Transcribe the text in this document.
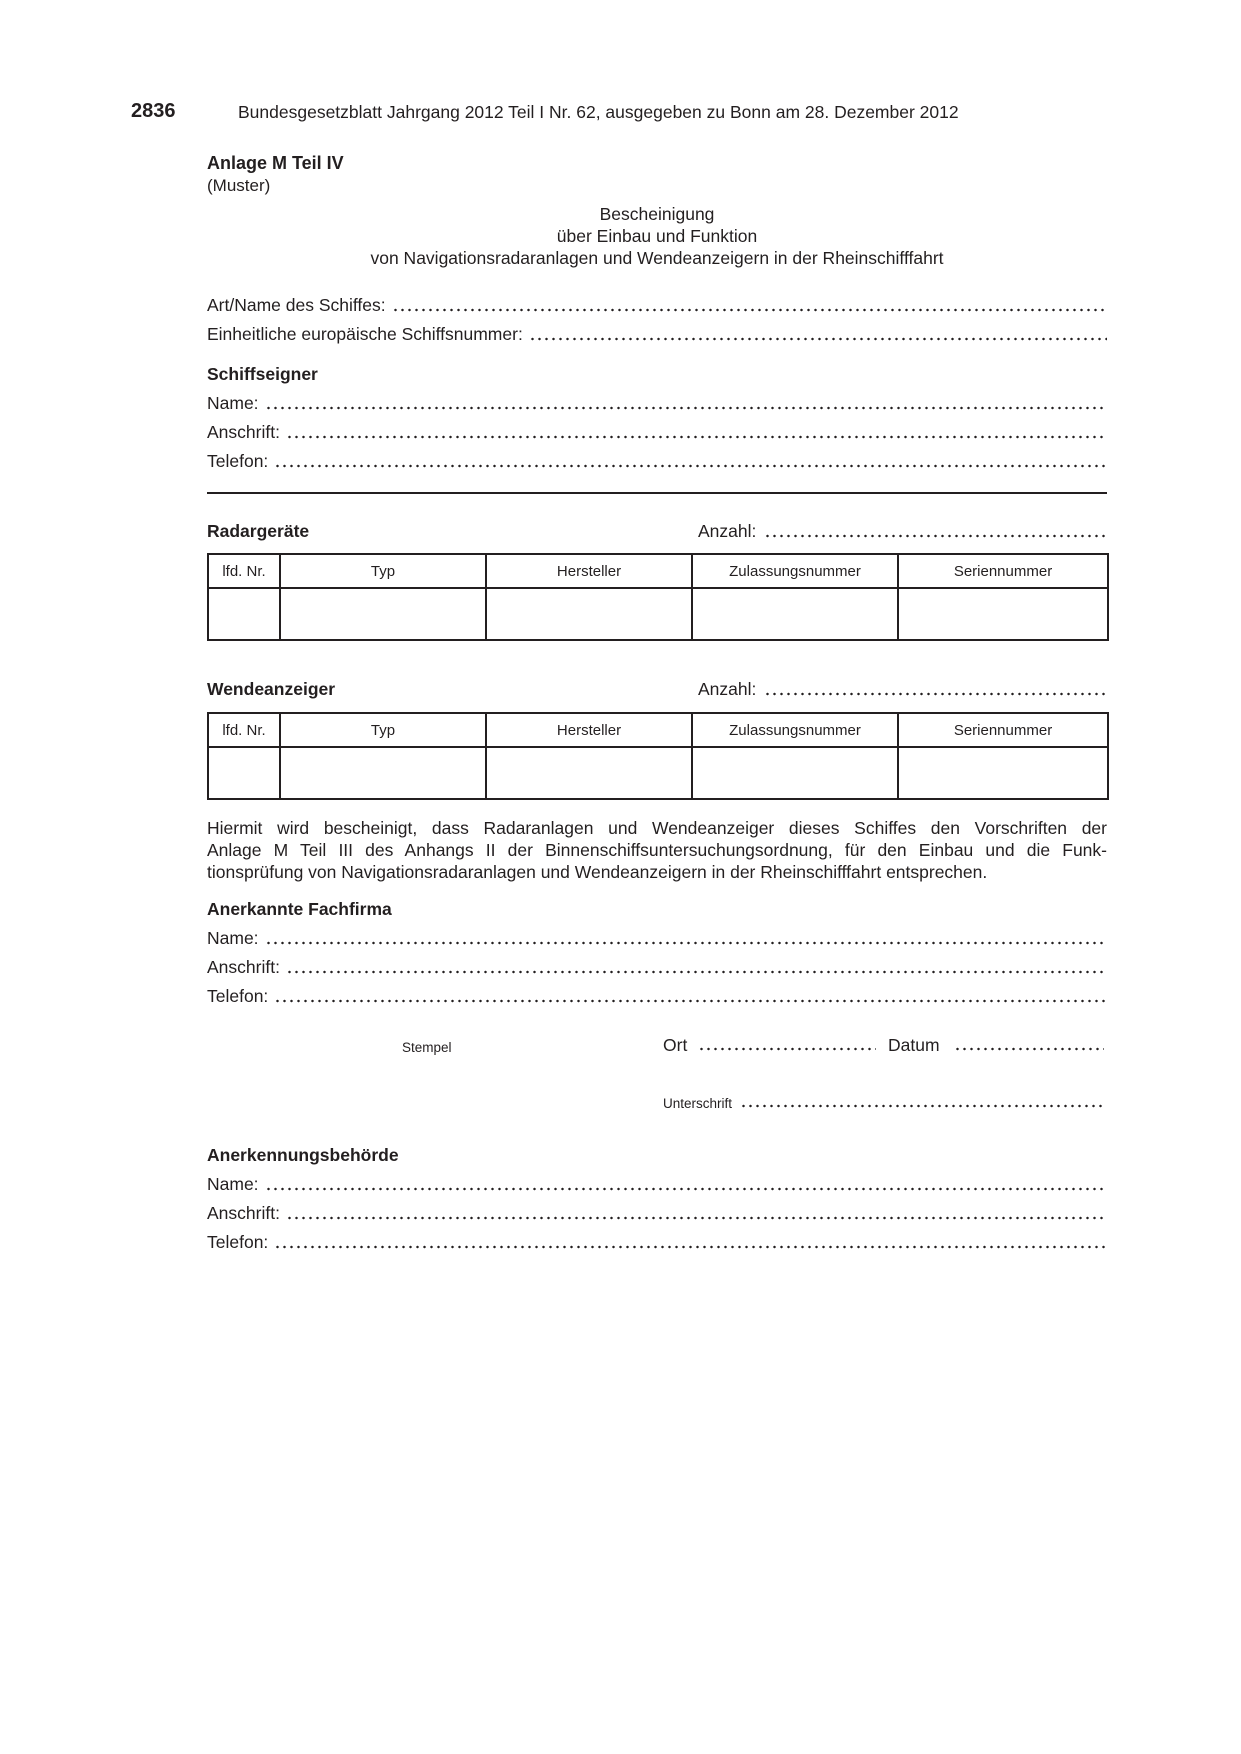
2836	Bundesgesetzblatt Jahrgang 2012 Teil I Nr. 62, ausgegeben zu Bonn am 28. Dezember 2012
Anlage M Teil IV
(Muster)
Bescheinigung
über Einbau und Funktion
von Navigationsradaranlagen und Wendeanzeigern in der Rheinschifffahrt
Art/Name des Schiffes:
Einheitliche europäische Schiffsnummer:
Schiffseigner
Name:
Anschrift:
Telefon:
Radargeräte	Anzahl:
lfd. Nr.	Typ	Hersteller	Zulassungsnummer	Seriennummer

Wendeanzeiger	Anzahl:
lfd. Nr.	Typ	Hersteller	Zulassungsnummer	Seriennummer

Hiermit wird bescheinigt, dass Radaranlagen und Wendeanzeiger dieses Schiffes den Vorschriften der
Anlage M Teil III des Anhangs II der Binnenschiffsuntersuchungsordnung, für den Einbau und die Funk-
tionsprüfung von Navigationsradaranlagen und Wendeanzeigern in der Rheinschifffahrt entsprechen.
Anerkannte Fachfirma
Name:
Anschrift:
Telefon:
Stempel	Ort	Datum
Unterschrift
Anerkennungsbehörde
Name:
Anschrift:
Telefon:
